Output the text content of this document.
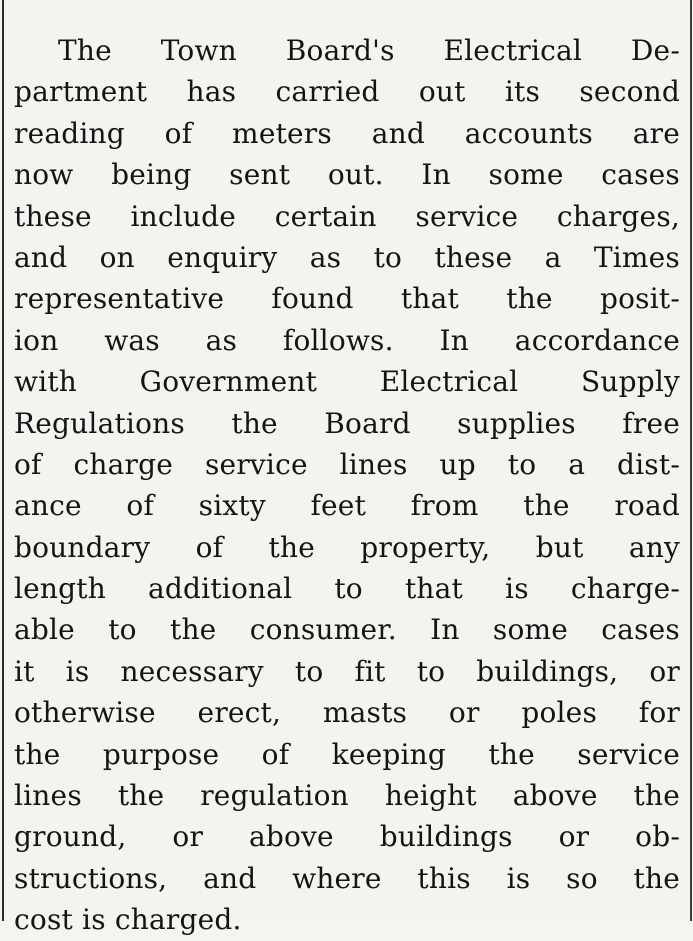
The Town Board's Electrical De-
partment has carried out its second
reading of meters and accounts are
now being sent out. In some cases
these include certain service charges,
and on enquiry as to these a Times
representative found that the posit-
ion was as follows. In accordance
with Government Electrical Supply
Regulations the Board supplies free
of charge service lines up to a dist-
ance of sixty feet from the road
boundary of the property, but any
length additional to that is charge-
able to the consumer. In some cases
it is necessary to fit to buildings, or
otherwise erect, masts or poles for
the purpose of keeping the service
lines the regulation height above the
ground, or above buildings or ob-
structions, and where this is so the
cost is charged.
